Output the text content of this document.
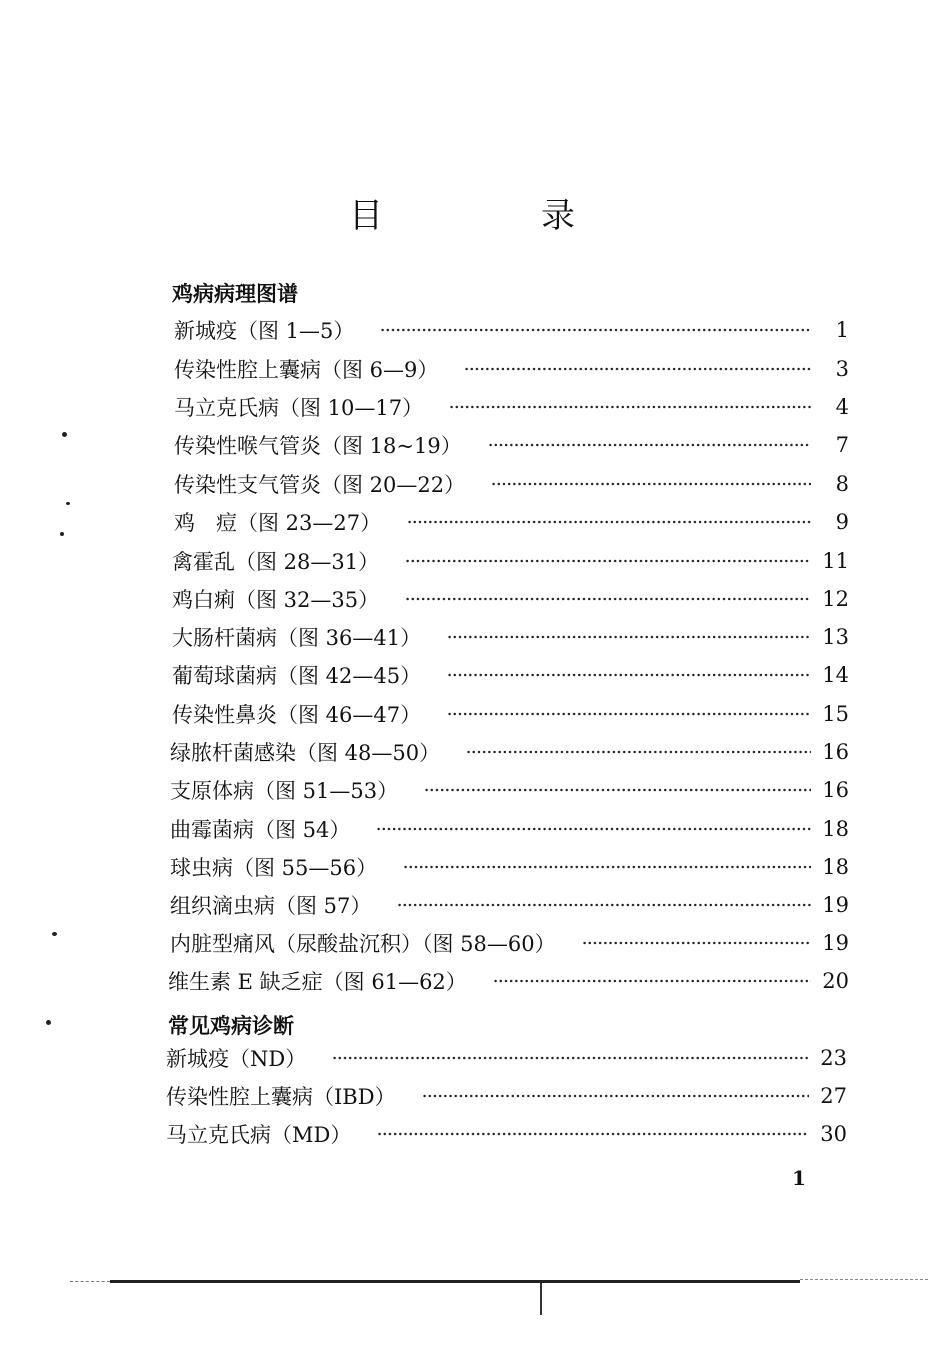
目　录
鸡病病理图谱
新城疫（图 1—5）	1
传染性腔上囊病（图 6—9）	3
马立克氏病（图 10—17）	4
传染性喉气管炎（图 18~19）	7
传染性支气管炎（图 20—22）	8
鸡　痘（图 23—27）	9
禽霍乱（图 28—31）	11
鸡白痢（图 32—35）	12
大肠杆菌病（图 36—41）	13
葡萄球菌病（图 42—45）	14
传染性鼻炎（图 46—47）	15
绿脓杆菌感染（图 48—50）	16
支原体病（图 51—53）	16
曲霉菌病（图 54）	18
球虫病（图 55—56）	18
组织滴虫病（图 57）	19
内脏型痛风（尿酸盐沉积）（图 58—60）	19
维生素 E 缺乏症（图 61—62）	20
常见鸡病诊断
新城疫（ND）	23
传染性腔上囊病（IBD）	27
马立克氏病（MD）	30
1
